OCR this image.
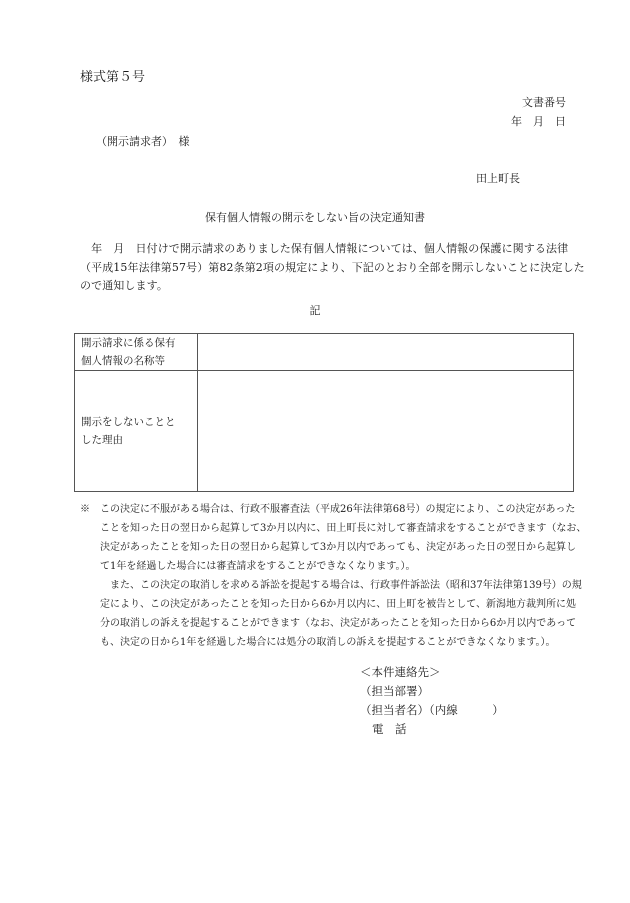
様式第５号
文書番号
年　月　日
（開示請求者）　様
田上町長
保有個人情報の開示をしない旨の決定通知書
　年　月　日付けで開示請求のありました保有個人情報については、個人情報の保護に関する法律
（平成15年法律第57号）第82条第2項の規定により、下記のとおり全部を開示しないことに決定した
ので通知します。
記
開示請求に係る保有
個人情報の名称等	

開示をしないことと
した理由	

※　この決定に不服がある場合は、行政不服審査法（平成26年法律第68号）の規定により、この決定があった
　　ことを知った日の翌日から起算して3か月以内に、田上町長に対して審査請求をすることができます（なお、
　　決定があったことを知った日の翌日から起算して3か月以内であっても、決定があった日の翌日から起算し
　　て1年を経過した場合には審査請求をすることができなくなります。）。
　　　また、この決定の取消しを求める訴訟を提起する場合は、行政事件訴訟法（昭和37年法律第139号）の規
　　定により、この決定があったことを知った日から6か月以内に、田上町を被告として、新潟地方裁判所に処
　　分の取消しの訴えを提起することができます（なお、決定があったことを知った日から6か月以内であって
　　も、決定の日から1年を経過した場合には処分の取消しの訴えを提起することができなくなります。）。
＜本件連絡先＞
（担当部署）
（担当者名）（内線　　　）
電　話
